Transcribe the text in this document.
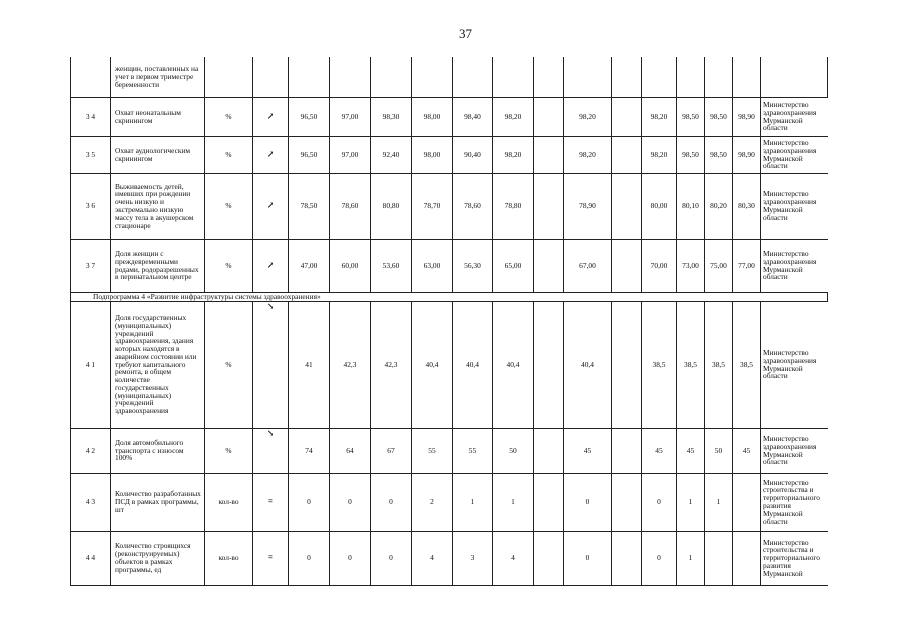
37
	женщин, поставленных на учет в первом триместре беременности																
3 4	Охват неонатальным скринингом	%	↗	96,50	97,00	98,30	98,00	98,40	98,20		98,20		98,20	98,50	98,50	98,90	Министерство здравоохранения Мурманской области
3 5	Охват аудиологическим скринингом	%	↗	96,50	97,00	92,40	98,00	90,40	98,20		98,20		98,20	98,50	98,50	98,90	Министерство здравоохранения Мурманской области
3 6	Выживаемость детей, имевших при рождении очень низкую и экстремально низкую массу тела в акушерском стационаре	%	↗	78,50	78,60	80,80	78,70	78,60	78,80		78,90		80,00	80,10	80,20	80,30	Министерство здравоохранения Мурманской области
3 7	Доля женщин с преждевременными родами, родоразрешенных в перинатальном центре	%	↗	47,00	60,00	53,60	63,00	56,30	65,00		67,00		70,00	73,00	75,00	77,00	Министерство здравоохранения Мурманской области
Подпрограмма 4 «Развитие инфраструктуры системы здравоохранения»																	
4 1	Доля государственных (муниципальных) учреждений здравоохранения, здания которых находятся в аварийном состоянии или требуют капитального ремонта, в общем количестве государственных (муниципальных) учреждений здравоохранения	%	↘	41	42,3	42,3	40,4	40,4	40,4		40,4		38,5	38,5	38,5	38,5	Министерство здравоохранения Мурманской области
4 2	Доля автомобильного транспорта с износом 100%	%	↘	74	64	67	55	55	50		45		45	45	50	45	Министерство здравоохранения Мурманской области
4 3	Количество разработанных ПСД в рамках программы, шт	кол-во	=	0	0	0	2	1	1		0		0	1	1		Министерство строительства и территориального развития Мурманской области
4 4	Количество строящихся (реконструируемых) объектов в рамках программы, ед	кол-во	=	0	0	0	4	3	4		0		0	1			Министерство строительства и территориального развития Мурманской
